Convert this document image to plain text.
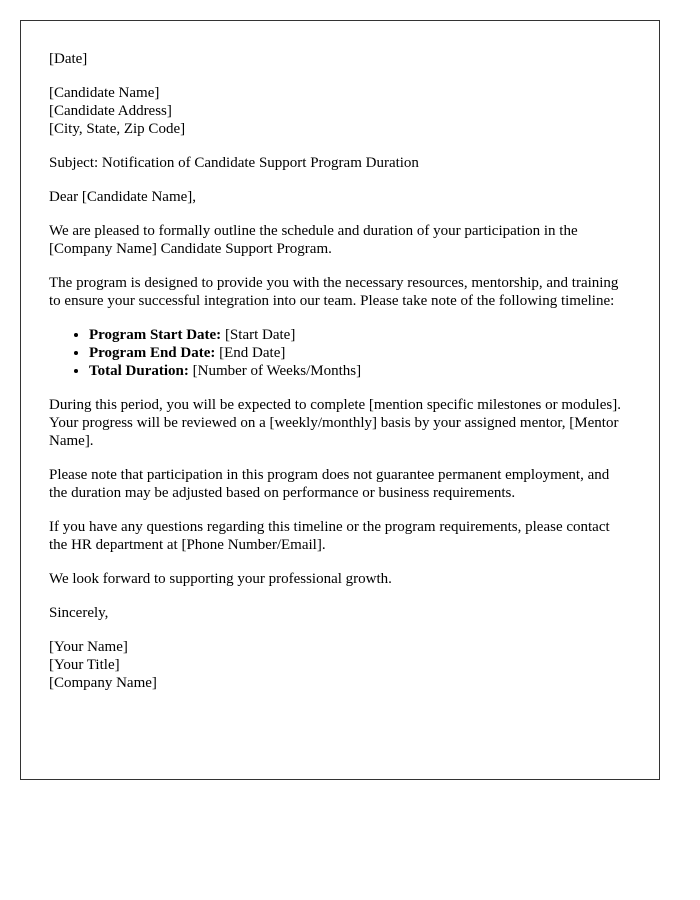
[Date]

[Candidate Name]
[Candidate Address]
[City, State, Zip Code]

Subject: Notification of Candidate Support Program Duration

Dear [Candidate Name],

We are pleased to formally outline the schedule and duration of your participation in the [Company Name] Candidate Support Program.

The program is designed to provide you with the necessary resources, mentorship, and training to ensure your successful integration into our team. Please take note of the following timeline:

• Program Start Date: [Start Date]
• Program End Date: [End Date]
• Total Duration: [Number of Weeks/Months]

During this period, you will be expected to complete [mention specific milestones or modules]. Your progress will be reviewed on a [weekly/monthly] basis by your assigned mentor, [Mentor Name].

Please note that participation in this program does not guarantee permanent employment, and the duration may be adjusted based on performance or business requirements.

If you have any questions regarding this timeline or the program requirements, please contact the HR department at [Phone Number/Email].

We look forward to supporting your professional growth.

Sincerely,

[Your Name]
[Your Title]
[Company Name]
